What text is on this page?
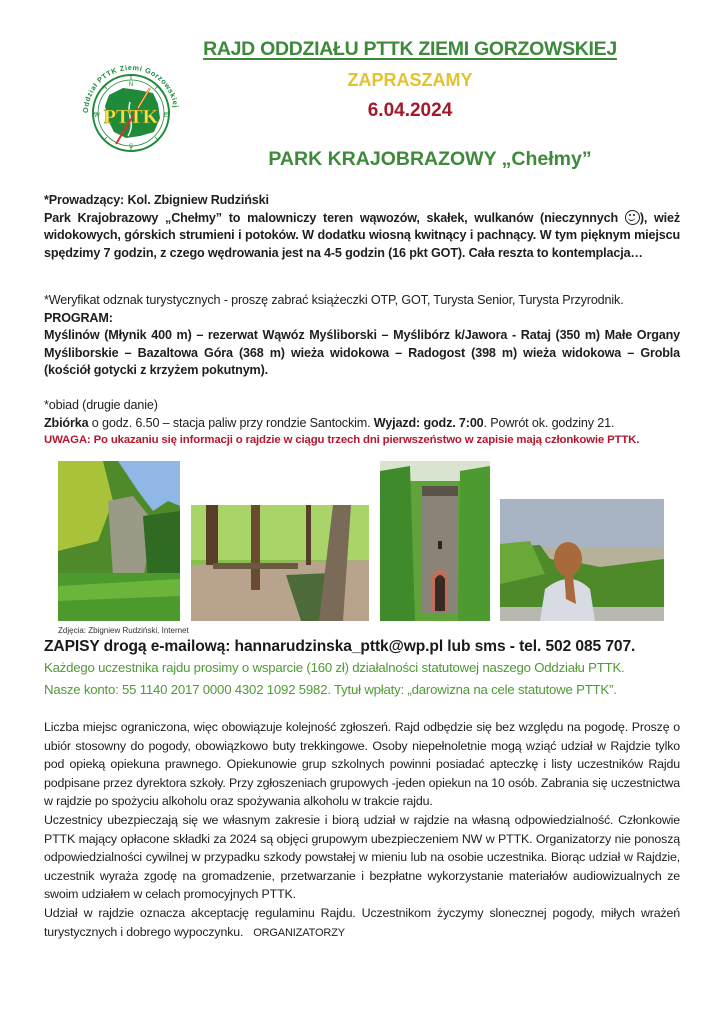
Oddział PTTK Ziemi Gorzowskiej
PTTK
N
E
S
W
RAJD ODDZIAŁU PTTK ZIEMI GORZOWSKIEJ
ZAPRASZAMY
6.04.2024
PARK KRAJOBRAZOWY „Chełmy”
*Prowadzący: Kol. Zbigniew Rudziński
Park Krajobrazowy „Chełmy” to malowniczy teren wąwozów, skałek, wulkanów (nieczynnych ), wież widokowych, górskich strumieni i potoków. W dodatku wiosną kwitnący i pachnący. W tym pięknym miejscu spędzimy 7 godzin, z czego wędrowania jest na 4-5 godzin (16 pkt GOT). Cała reszta to kontemplacja…
*Weryfikat odznak turystycznych - proszę zabrać książeczki OTP, GOT, Turysta Senior, Turysta Przyrodnik.
PROGRAM:
Myślinów (Młynik 400 m) – rezerwat Wąwóz Myśliborski – Myślibórz k/Jawora - Rataj (350 m) Małe Organy Myśliborskie – Bazaltowa Góra (368 m) wieża widokowa – Radogost (398 m) wieża widokowa – Grobla (kościół gotycki z krzyżem pokutnym).
*obiad (drugie danie)
Zbiórka o godz. 6.50 – stacja paliw przy rondzie Santockim. Wyjazd: godz. 7:00. Powrót ok. godziny 21.
UWAGA: Po ukazaniu się informacji o rajdzie w ciągu trzech dni pierwszeństwo w zapisie mają członkowie PTTK.
Zdjęcia: Zbigniew Rudziński, Internet
ZAPISY drogą e-mailową: hannarudzinska_pttk@wp.pl lub sms - tel. 502 085 707.
Każdego uczestnika rajdu prosimy o wsparcie (160 zł) działalności statutowej naszego Oddziału PTTK.
Nasze konto: 55 1140 2017 0000 4302 1092 5982. Tytuł wpłaty: „darowizna na cele statutowe PTTK”.
Liczba miejsc ograniczona, więc obowiązuje kolejność zgłoszeń. Rajd odbędzie się bez względu na pogodę. Proszę o ubiór stosowny do pogody, obowiązkowo buty trekkingowe. Osoby niepełnoletnie mogą wziąć udział w Rajdzie tylko pod opieką opiekuna prawnego. Opiekunowie grup szkolnych powinni posiadać apteczkę i listy uczestników Rajdu podpisane przez dyrektora szkoły. Przy zgłoszeniach grupowych -jeden opiekun na 10 osób. Zabrania się uczestnictwa w rajdzie po spożyciu alkoholu oraz spożywania alkoholu w trakcie rajdu.
Uczestnicy ubezpieczają się we własnym zakresie i biorą udział w rajdzie na własną odpowiedzialność. Członkowie PTTK mający opłacone składki za 2024 są objęci grupowym ubezpieczeniem NW w PTTK. Organizatorzy nie ponoszą odpowiedzialności cywilnej w przypadku szkody powstałej w mieniu lub na osobie uczestnika. Biorąc udział w Rajdzie, uczestnik wyraża zgodę na gromadzenie, przetwarzanie i bezpłatne wykorzystanie materiałów audiowizualnych ze swoim udziałem w celach promocyjnych PTTK.
Udział w rajdzie oznacza akceptację regulaminu Rajdu. Uczestnikom życzymy slonecznej pogody, miłych wrażeń turystycznych i dobrego wypoczynku. ORGANIZATORZY
